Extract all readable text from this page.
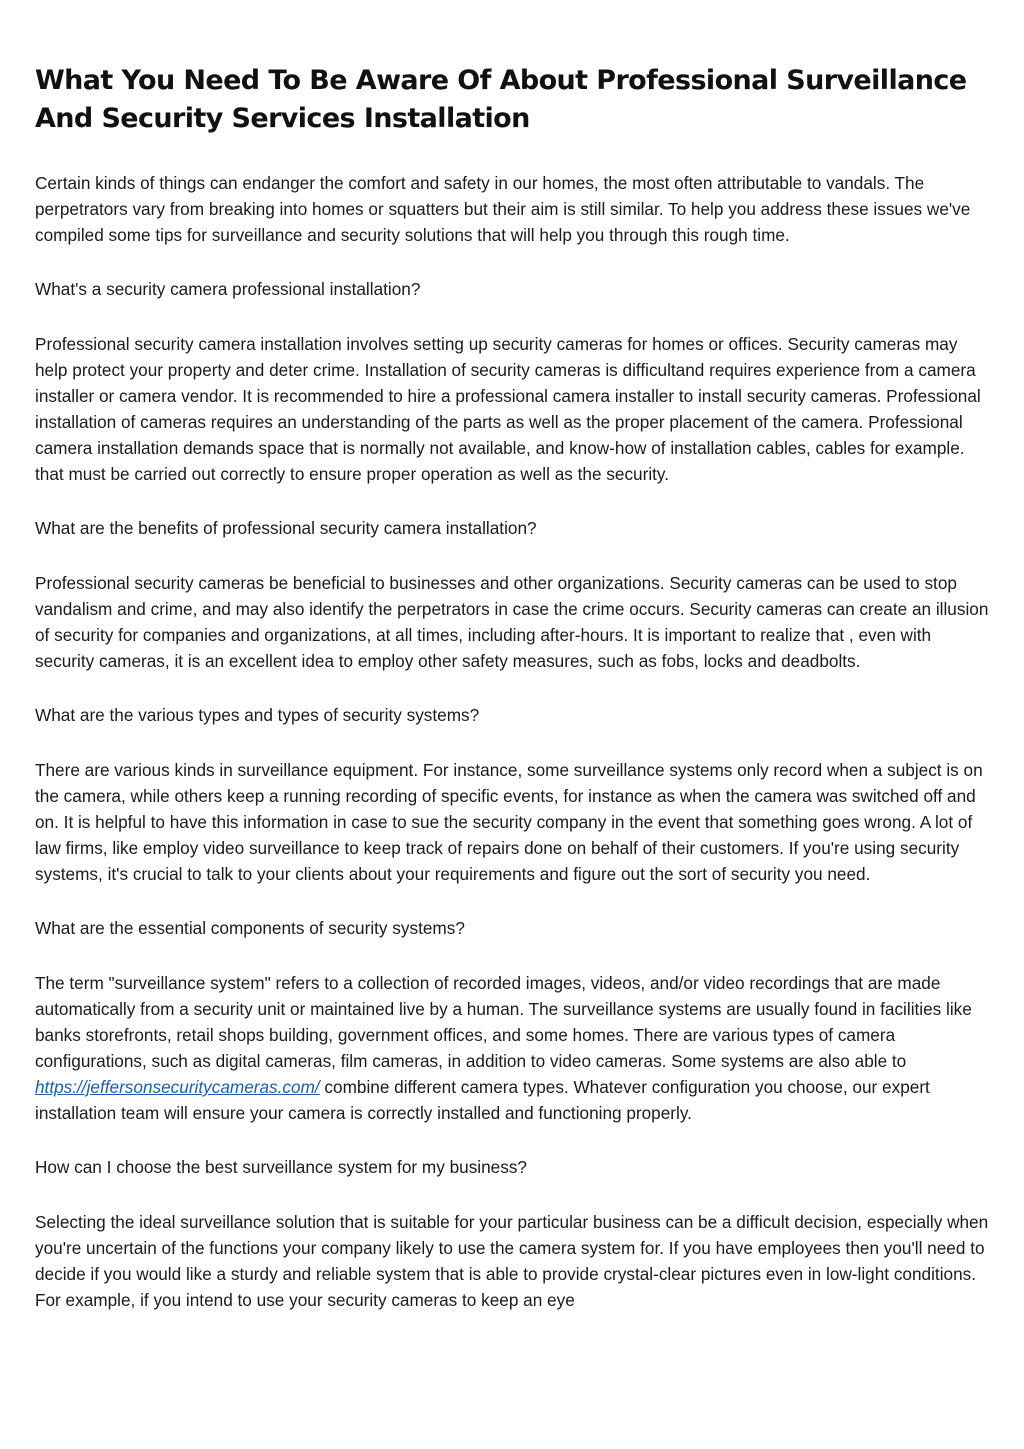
What You Need To Be Aware Of About Professional Surveillance And Security Services Installation

Certain kinds of things can endanger the comfort and safety in our homes, the most often attributable to vandals. The perpetrators vary from breaking into homes or squatters but their aim is still similar. To help you address these issues we've compiled some tips for surveillance and security solutions that will help you through this rough time.

What's a security camera professional installation?

Professional security camera installation involves setting up security cameras for homes or offices. Security cameras may help protect your property and deter crime. Installation of security cameras is difficultand requires experience from a camera installer or camera vendor. It is recommended to hire a professional camera installer to install security cameras. Professional installation of cameras requires an understanding of the parts as well as the proper placement of the camera. Professional camera installation demands space that is normally not available, and know-how of installation cables, cables for example. that must be carried out correctly to ensure proper operation as well as the security.

What are the benefits of professional security camera installation?

Professional security cameras be beneficial to businesses and other organizations. Security cameras can be used to stop vandalism and crime, and may also identify the perpetrators in case the crime occurs. Security cameras can create an illusion of security for companies and organizations, at all times, including after-hours. It is important to realize that , even with security cameras, it is an excellent idea to employ other safety measures, such as fobs, locks and deadbolts.

What are the various types and types of security systems?

There are various kinds in surveillance equipment. For instance, some surveillance systems only record when a subject is on the camera, while others keep a running recording of specific events, for instance as when the camera was switched off and on. It is helpful to have this information in case to sue the security company in the event that something goes wrong. A lot of law firms, like employ video surveillance to keep track of repairs done on behalf of their customers. If you're using security systems, it's crucial to talk to your clients about your requirements and figure out the sort of security you need.

What are the essential components of security systems?

The term "surveillance system" refers to a collection of recorded images, videos, and/or video recordings that are made automatically from a security unit or maintained live by a human. The surveillance systems are usually found in facilities like banks storefronts, retail shops building, government offices, and some homes. There are various types of camera configurations, such as digital cameras, film cameras, in addition to video cameras. Some systems are also able to https://jeffersonsecuritycameras.com/ combine different camera types. Whatever configuration you choose, our expert installation team will ensure your camera is correctly installed and functioning properly.

How can I choose the best surveillance system for my business?

Selecting the ideal surveillance solution that is suitable for your particular business can be a difficult decision, especially when you're uncertain of the functions your company likely to use the camera system for. If you have employees then you'll need to decide if you would like a sturdy and reliable system that is able to provide crystal-clear pictures even in low-light conditions. For example, if you intend to use your security cameras to keep an eye
